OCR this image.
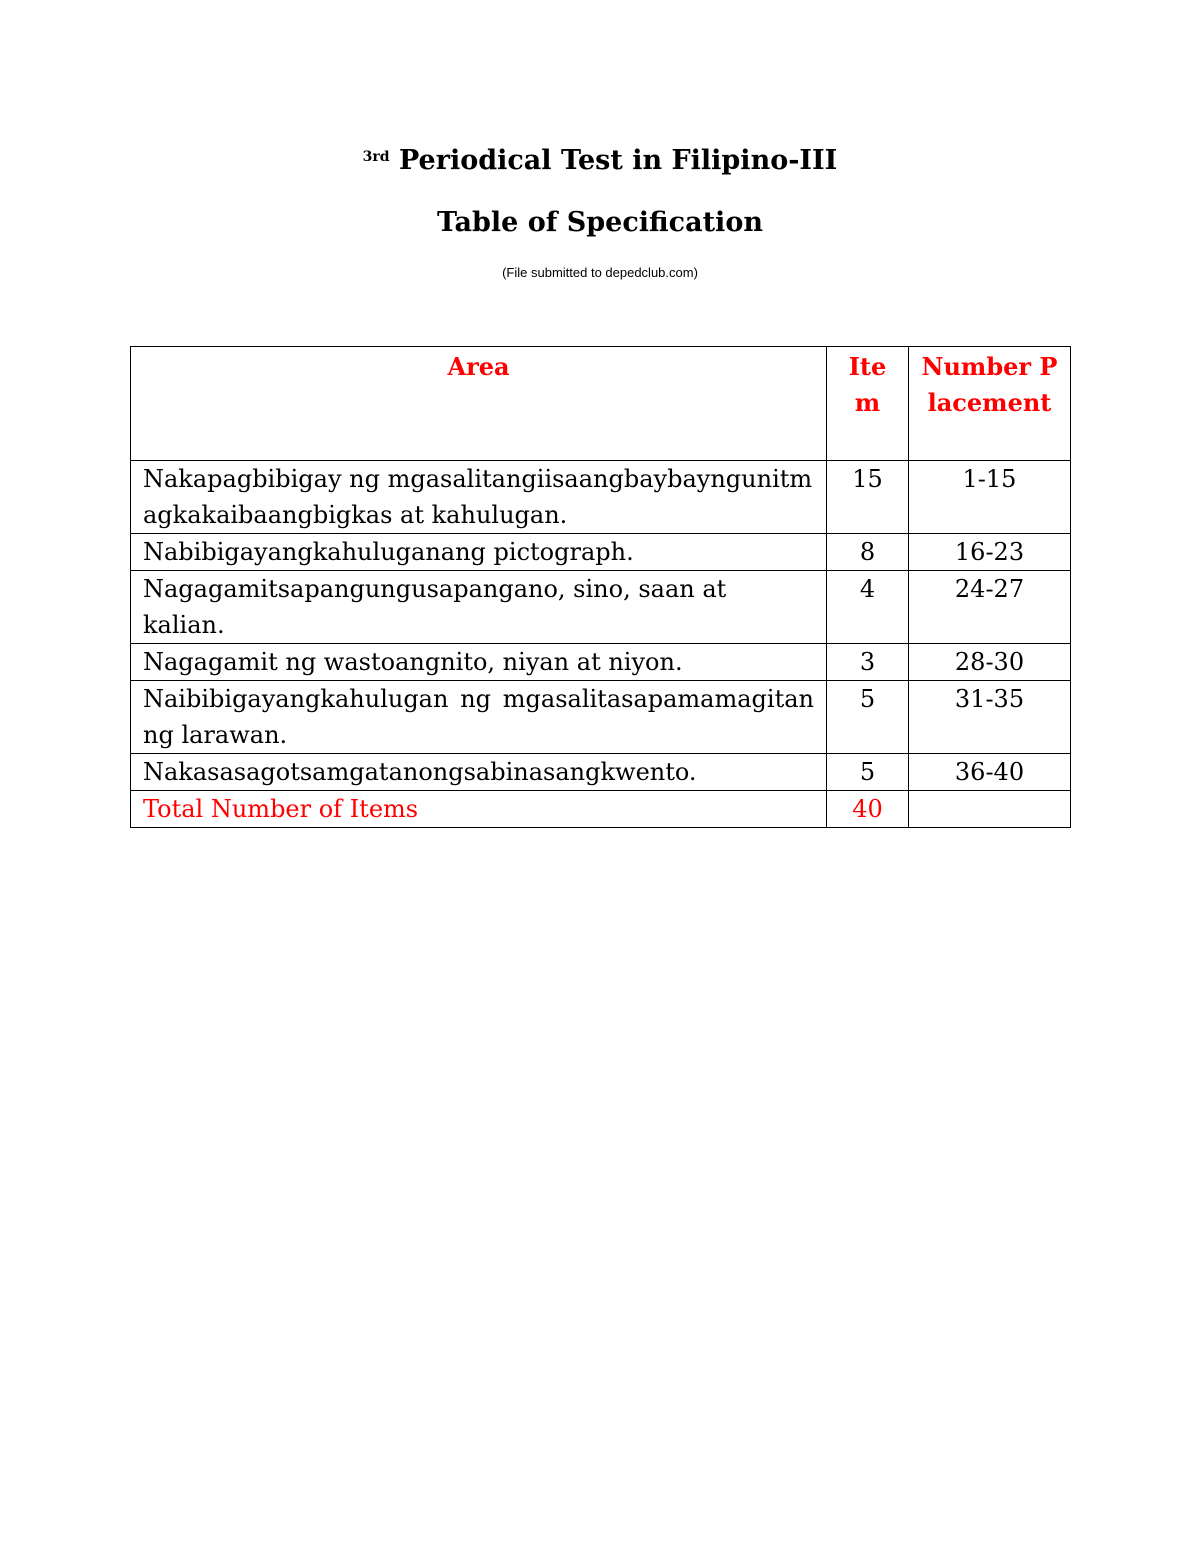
$^{3rd}$ Periodical Test in Filipino-III
Table of Specification
(File submitted to depedclub.com)
Area	Item	Number Placement
Nakapagbibigay ng mgasalitangiisaangbaybayngunitmagkakaibaangbigkas at kahulugan.	15	1-15
Nabibigayangkahuluganang pictograph.	8	16-23
Nagagamitsapangungusapangano, sino, saan at kalian.	4	24-27
Nagagamit ng wastoangnito, niyan at niyon.	3	28-30
Naibibigayangkahulugan ng mgasalitasapamamagitan ng larawan.	5	31-35
Nakasasagotsamgatanongsabinasangkwento.	5	36-40
Total Number of Items	40	
